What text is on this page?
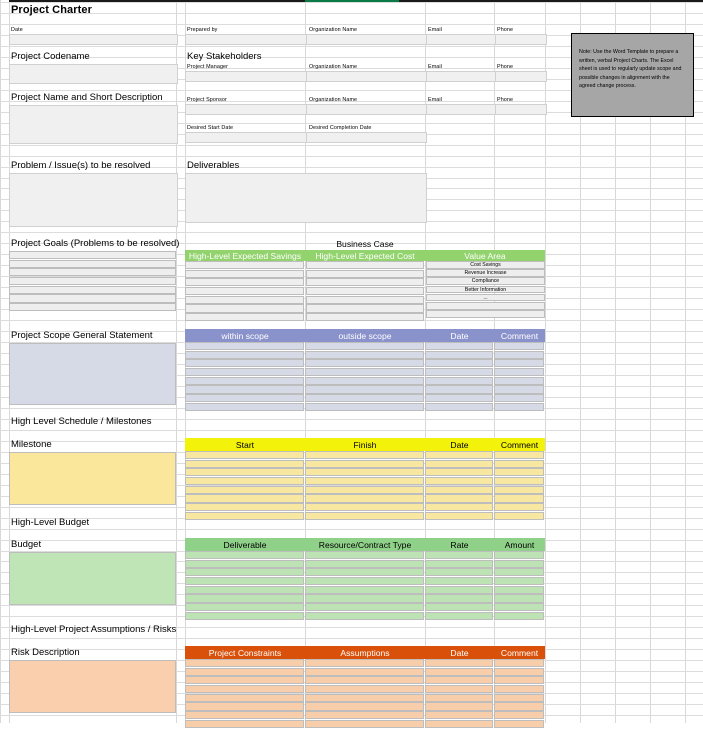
Project Charter
Date
Project Codename
Project Name and Short Description
Problem / Issue(s) to be resolved
Project Goals (Problems to be resolved)
Project Scope General Statement
High Level Schedule / Milestones
Milestone
High-Level Budget
Budget
High-Level Project Assumptions / Risks
Risk Description
Prepared by	Organization Name	Email	Phone
Key Stakeholders
Project Manager	Organization Name	Email	Phone
Project Sponsor	Organization Name	Email	Phone
Desired Start Date	Desired Completion Date
Deliverables
Business Case
High-Level Expected Savings	High-Level Expected Cost	Value Area
Cost Savings
Revenue Increase
Compliance
Better Information
...
within scope	outside scope	Date	Comment
Start	Finish	Date	Comment
Deliverable	Resource/Contract Type	Rate	Amount
Project Constraints	Assumptions	Date	Comment
Note: Use the Word Template to prepare a written, verbal Project Charts. The Excel sheet is used to regularly update scope and possible changes in alignment with the agreed change process.
